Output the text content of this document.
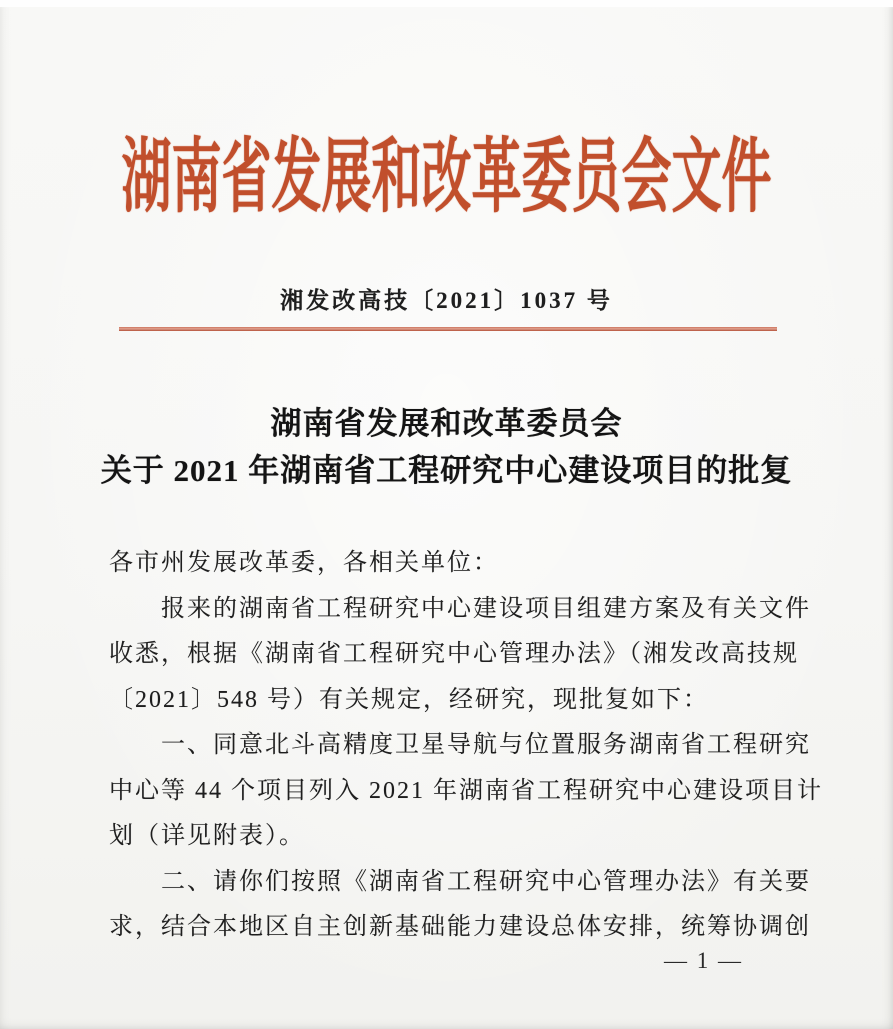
湖南省发展和改革委员会文件
湘发改高技〔2021〕1037 号
湖南省发展和改革委员会
关于 2021 年湖南省工程研究中心建设项目的批复
各市州发展改革委，各相关单位：
　　报来的湖南省工程研究中心建设项目组建方案及有关文件
收悉，根据《湖南省工程研究中心管理办法》（湘发改高技规
〔2021〕548 号）有关规定，经研究，现批复如下：
　　一、同意北斗高精度卫星导航与位置服务湖南省工程研究
中心等 44 个项目列入 2021 年湖南省工程研究中心建设项目计
划（详见附表）。
　　二、请你们按照《湖南省工程研究中心管理办法》有关要
求，结合本地区自主创新基础能力建设总体安排，统筹协调创
— 1 —
